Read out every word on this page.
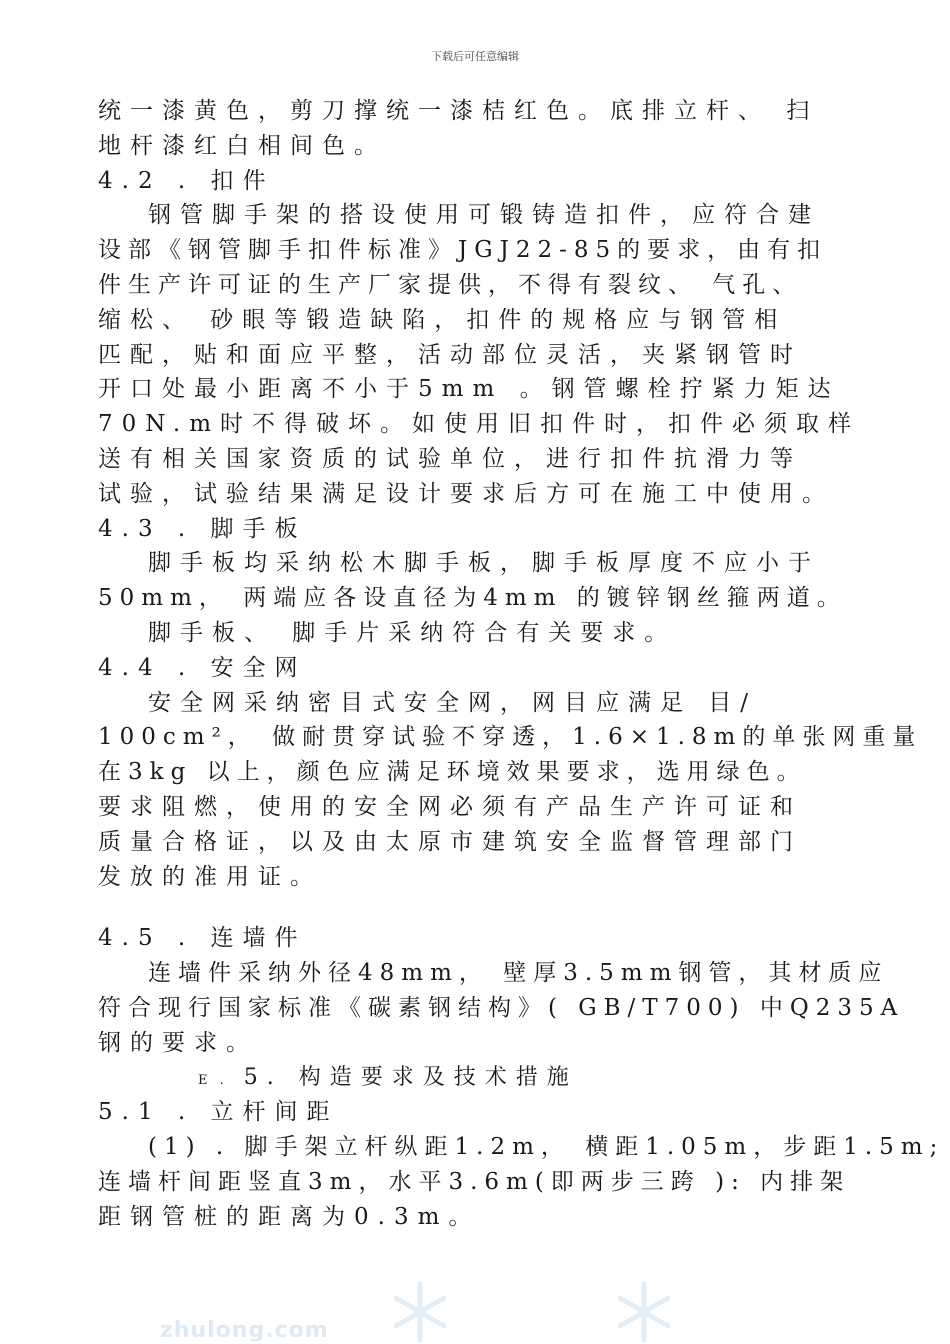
下载后可任意编辑
统一漆黄色，剪刀撑统一漆桔红色。底排立杆、 扫
地杆漆红白相间色。
4.2 . 扣件
钢管脚手架的搭设使用可锻铸造扣件，应符合建
设部《钢管脚手扣件标准》JGJ22-85的要求，由有扣
件生产许可证的生产厂家提供，不得有裂纹、 气孔、
缩松、 砂眼等锻造缺陷，扣件的规格应与钢管相
匹配，贴和面应平整，活动部位灵活，夹紧钢管时
开口处最小距离不小于5mm 。钢管螺栓拧紧力矩达
70N.m时不得破坏。如使用旧扣件时，扣件必须取样
送有相关国家资质的试验单位，进行扣件抗滑力等
试验，试验结果满足设计要求后方可在施工中使用。
4.3 . 脚手板
脚手板均采纳松木脚手板，脚手板厚度不应小于
50mm， 两端应各设直径为4mm 的镀锌钢丝箍两道。
脚手板、 脚手片采纳符合有关要求。
4.4 . 安全网
安全网采纳密目式安全网，网目应满足 目/
100cm²， 做耐贯穿试验不穿透，1.6×1.8m的单张网重量
在3kg 以上，颜色应满足环境效果要求，选用绿色。
要求阻燃，使用的安全网必须有产品生产许可证和
质量合格证，以及由太原市建筑安全监督管理部门
发放的准用证。
4.5 . 连墙件
连墙件采纳外径48mm， 壁厚3.5mm钢管，其材质应
符合现行国家标准《碳素钢结构》( GB/T700) 中Q235A
钢的要求。
E . 5. 构造要求及技术措施
5.1 . 立杆间距
(1) . 脚手架立杆纵距1.2m， 横距1.05m，步距1.5m;
连墙杆间距竖直3m，水平3.6m(即两步三跨 ): 内排架
距钢管桩的距离为0.3m。
zhulong.com
